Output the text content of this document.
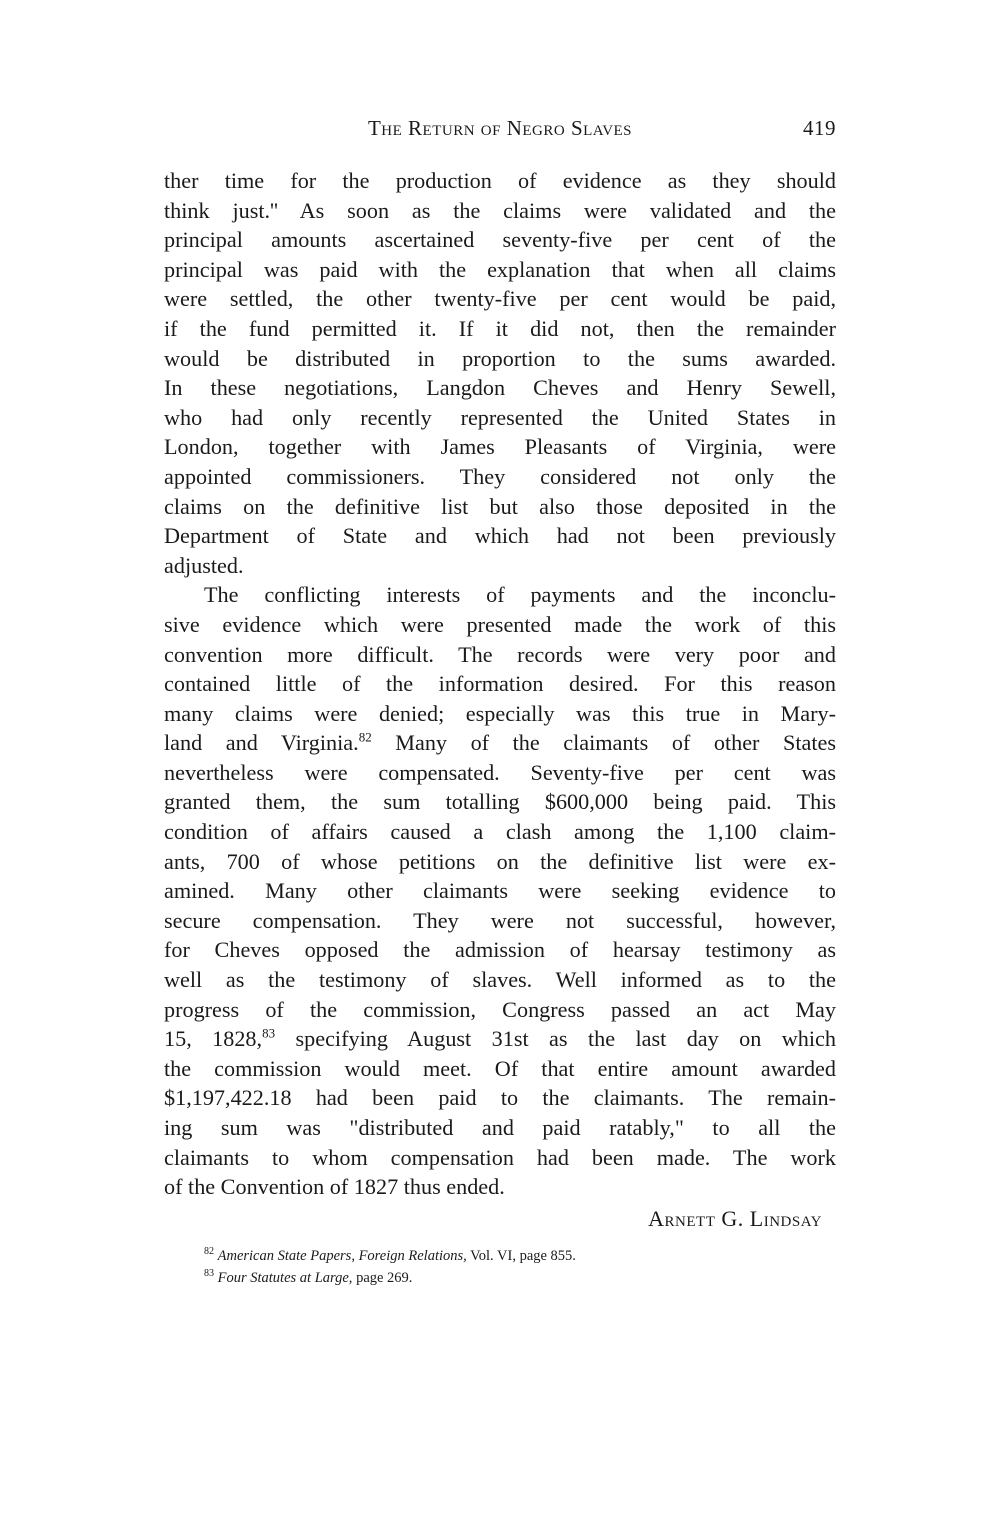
The Return of Negro Slaves	419
ther time for the production of evidence as they should
think just.'' As soon as the claims were validated and the
principal amounts ascertained seventy-five per cent of the
principal was paid with the explanation that when all claims
were settled, the other twenty-five per cent would be paid,
if the fund permitted it. If it did not, then the remainder
would be distributed in proportion to the sums awarded.
In these negotiations, Langdon Cheves and Henry Sewell,
who had only recently represented the United States in
London, together with James Pleasants of Virginia, were
appointed commissioners. They considered not only the
claims on the definitive list but also those deposited in the
Department of State and which had not been previously
adjusted.
The conflicting interests of payments and the inconclu-
sive evidence which were presented made the work of this
convention more difficult. The records were very poor and
contained little of the information desired. For this reason
many claims were denied; especially was this true in Mary-
land and Virginia.$^{82}$ Many of the claimants of other States
nevertheless were compensated. Seventy-five per cent was
granted them, the sum totalling $600,000 being paid. This
condition of affairs caused a clash among the 1,100 claim-
ants, 700 of whose petitions on the definitive list were ex-
amined. Many other claimants were seeking evidence to
secure compensation. They were not successful, however,
for Cheves opposed the admission of hearsay testimony as
well as the testimony of slaves. Well informed as to the
progress of the commission, Congress passed an act May
15, 1828,83 specifying August 31st as the last day on which
the commission would meet. Of that entire amount awarded
$1,197,422.18 had been paid to the claimants. The remain-
ing sum was "distributed and paid ratably," to all the
claimants to whom compensation had been made. The work
of the Convention of 1827 thus ended.
Arnett G. Lindsay
$^{82}$ American State Papers, Foreign Relations, Vol. VI, page 855.
$^{83}$ Four Statutes at Large, page 269.
